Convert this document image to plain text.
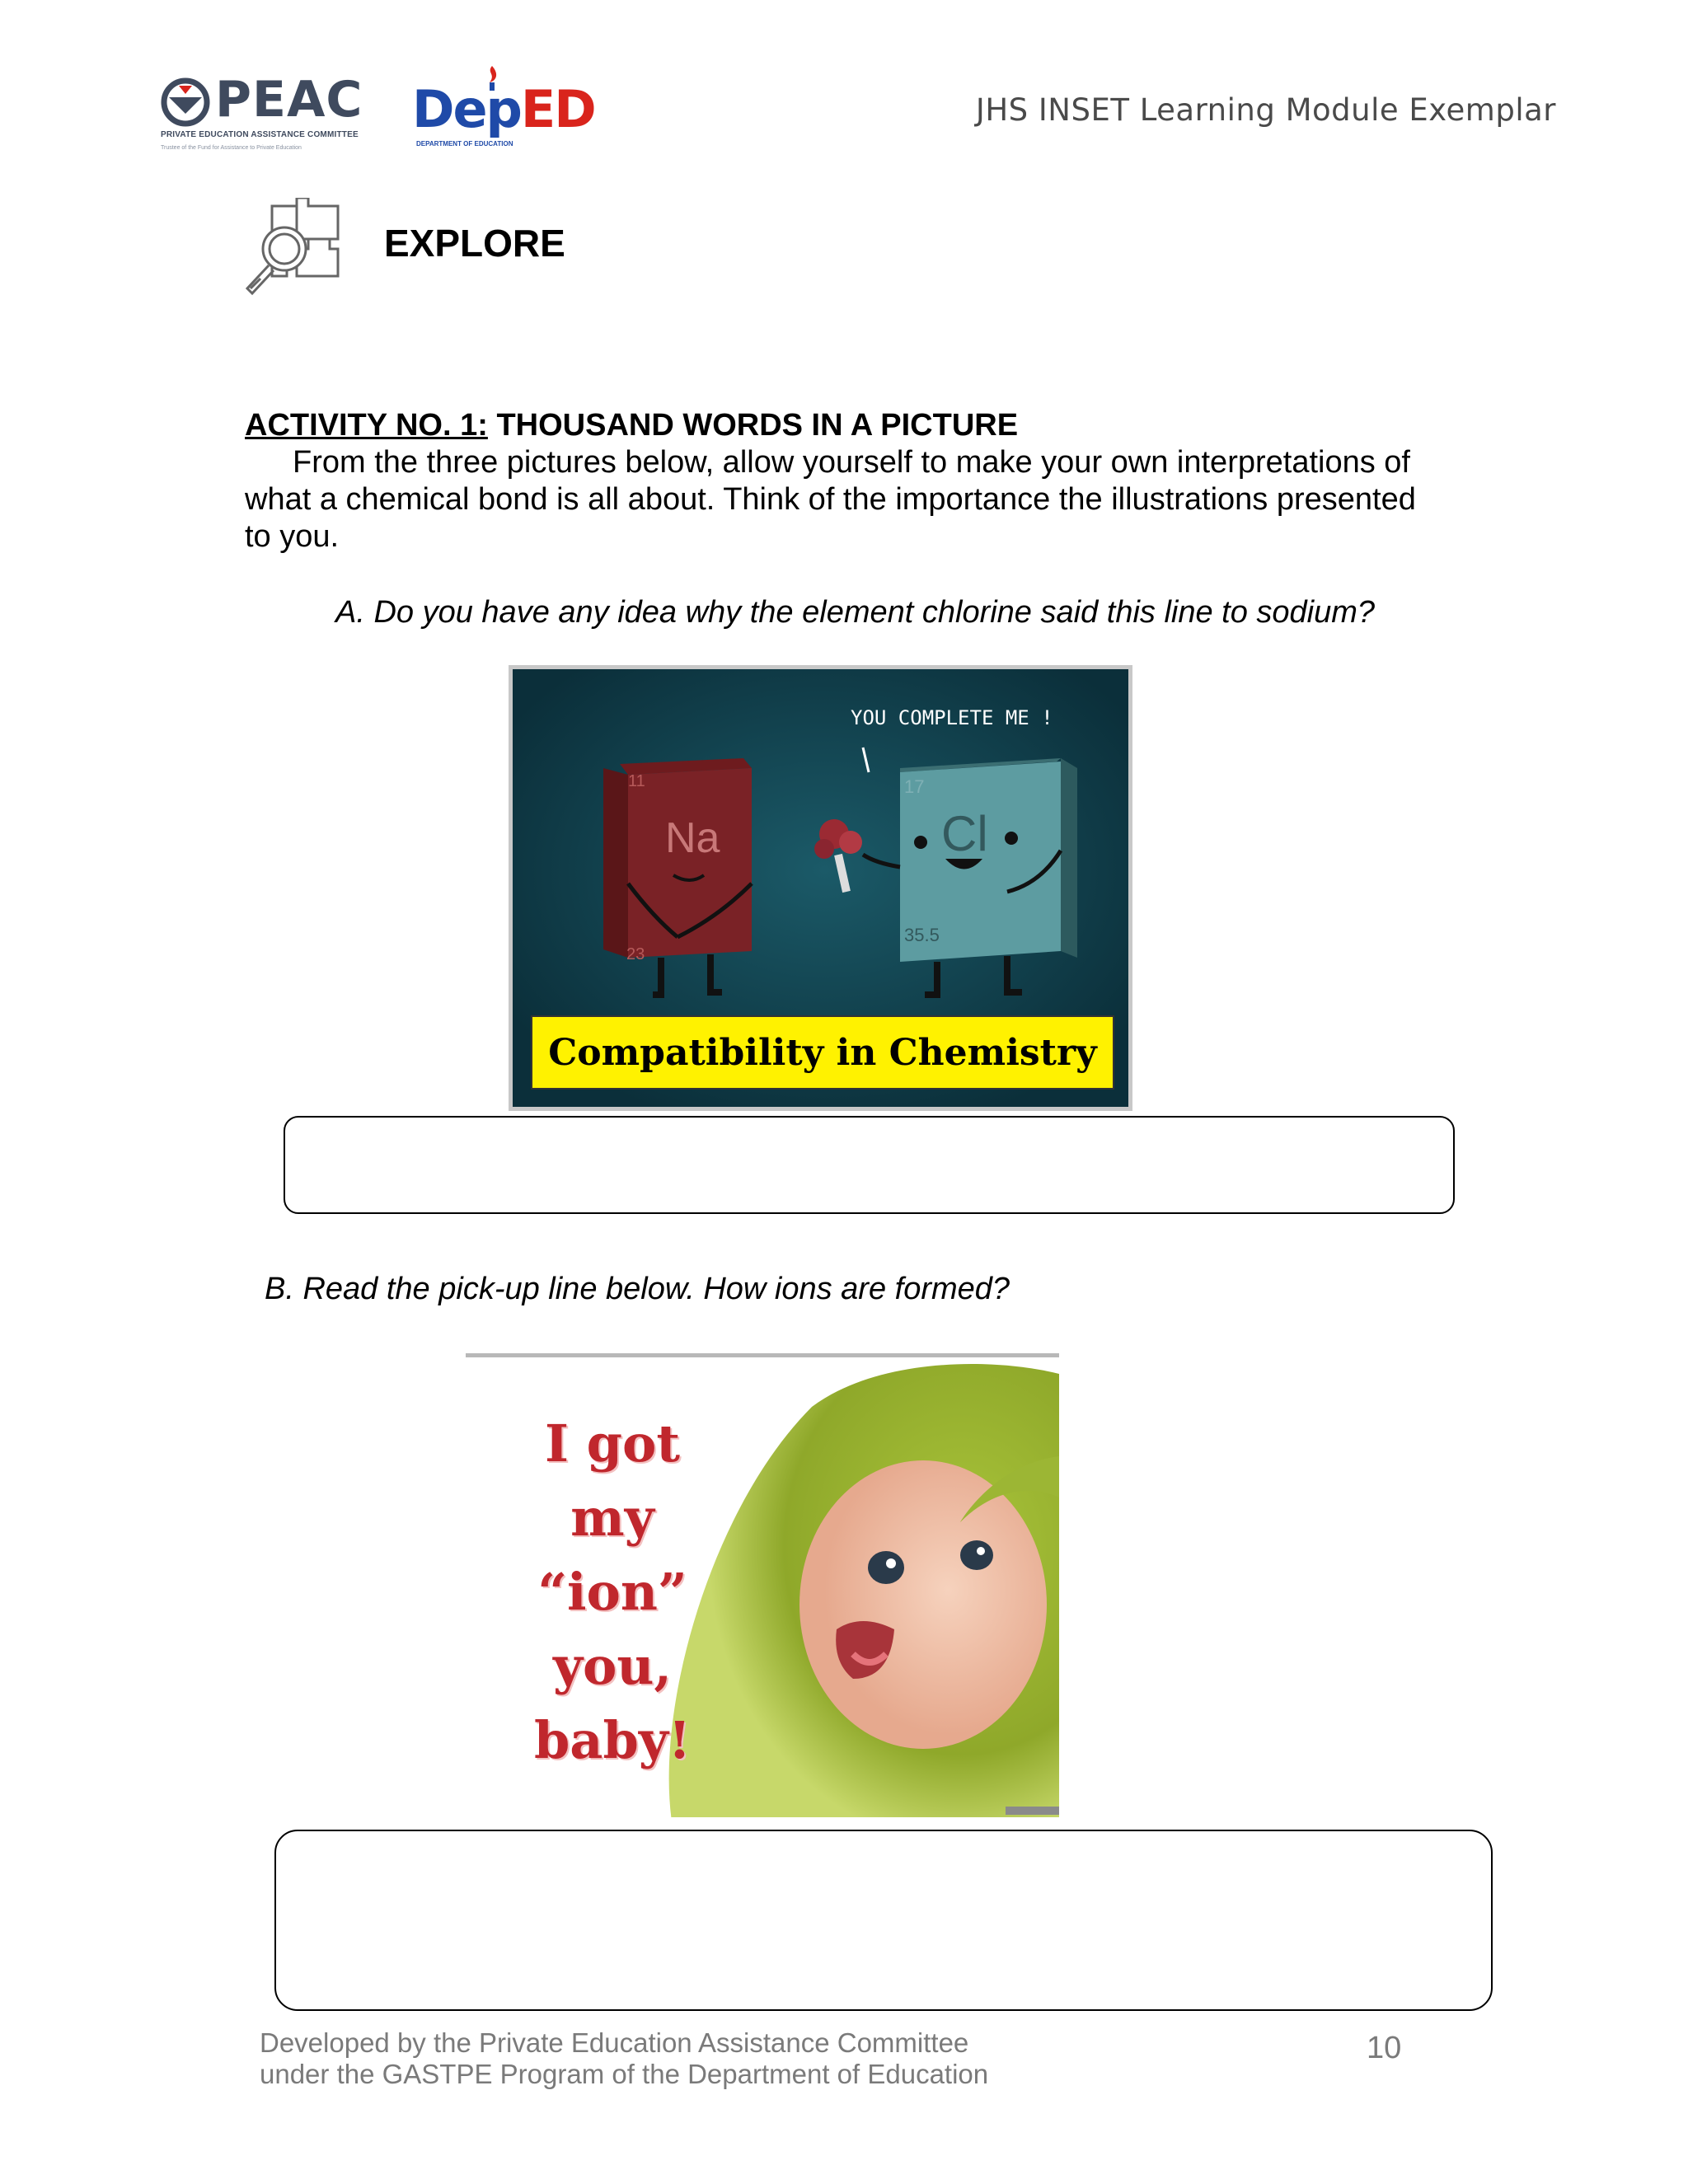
PEAC
PRIVATE EDUCATION ASSISTANCE COMMITTEE
Trustee of the Fund for Assistance to Private Education
DepED
DEPARTMENT OF EDUCATION
JHS INSET Learning Module Exemplar
EXPLORE
ACTIVITY NO. 1: THOUSAND WORDS IN A PICTURE
From the three pictures below, allow yourself to make your own interpretations of what a chemical bond is all about. Think of the importance the illustrations presented to you.
A. Do you have any idea why the element chlorine said this line to sodium?
YOU COMPLETE ME !
11
Na
23
17
Cl
35.5
Compatibility in Chemistry
B. Read the pick-up line below. How ions are formed?
I got
my
“ion”
you, baby!
Developed by the Private Education Assistance Committee
under the GASTPE Program of the Department of Education
10
